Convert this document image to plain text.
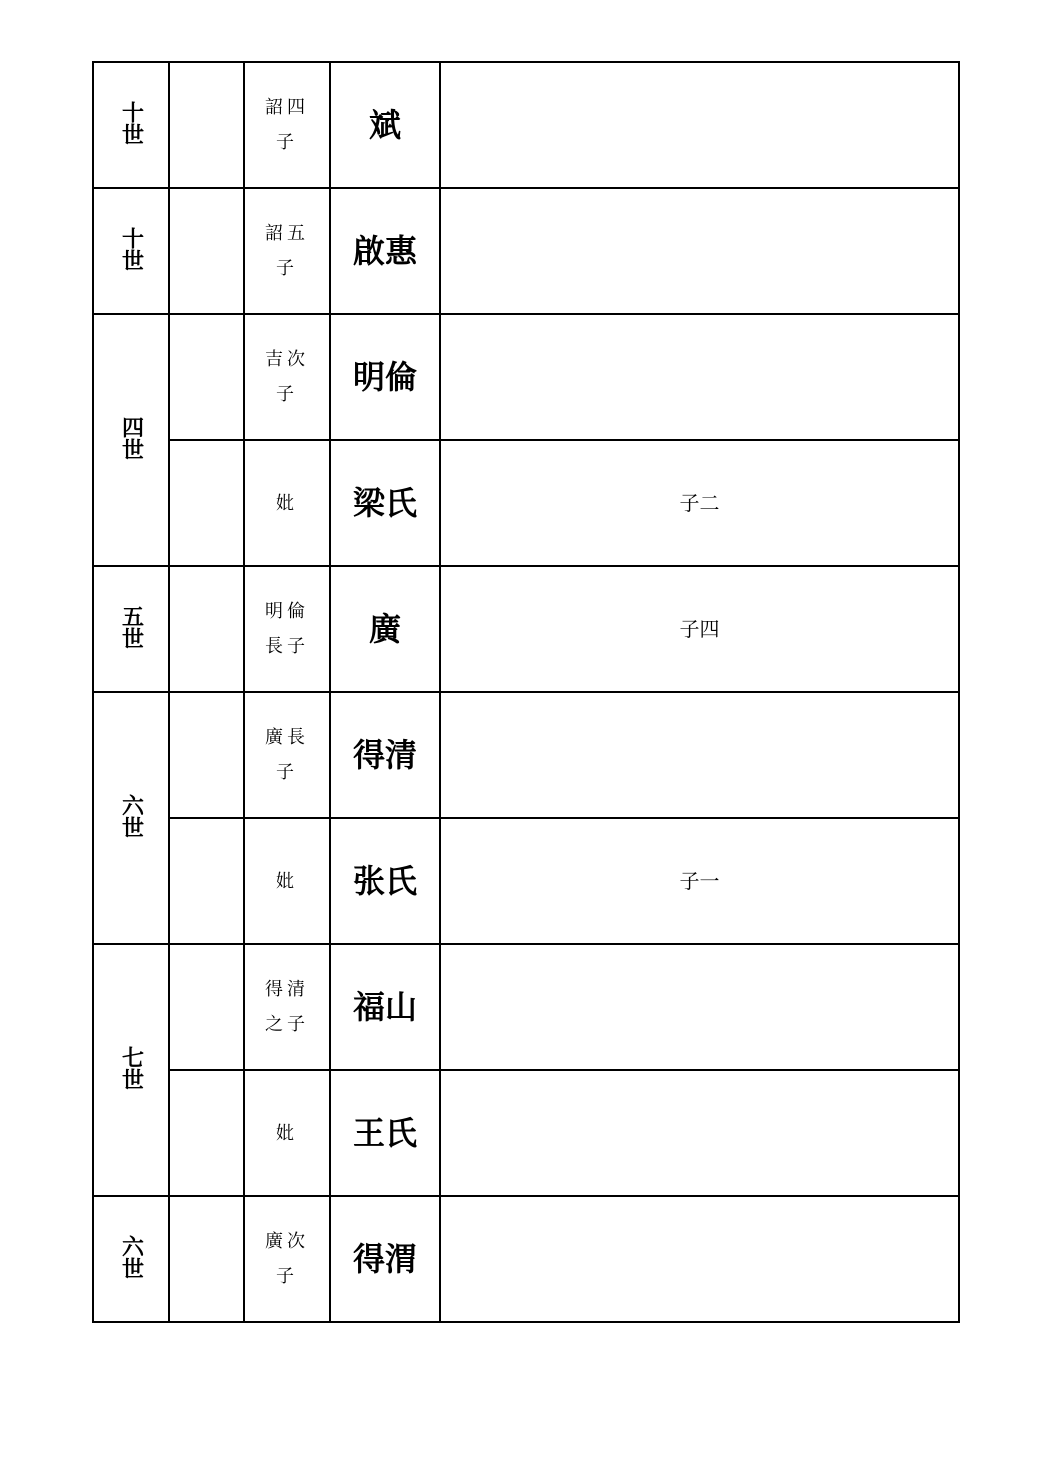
十世		詔四子	斌	
十世		詔五子	啟惠	
四世		吉次子	明倫	
		妣	梁氏	子二
五世		明倫長子	廣	子四
六世		廣長子	得清	
		妣	张氏	子一
七世		得清之子	福山	
		妣	王氏	
六世		廣次子	得渭	
